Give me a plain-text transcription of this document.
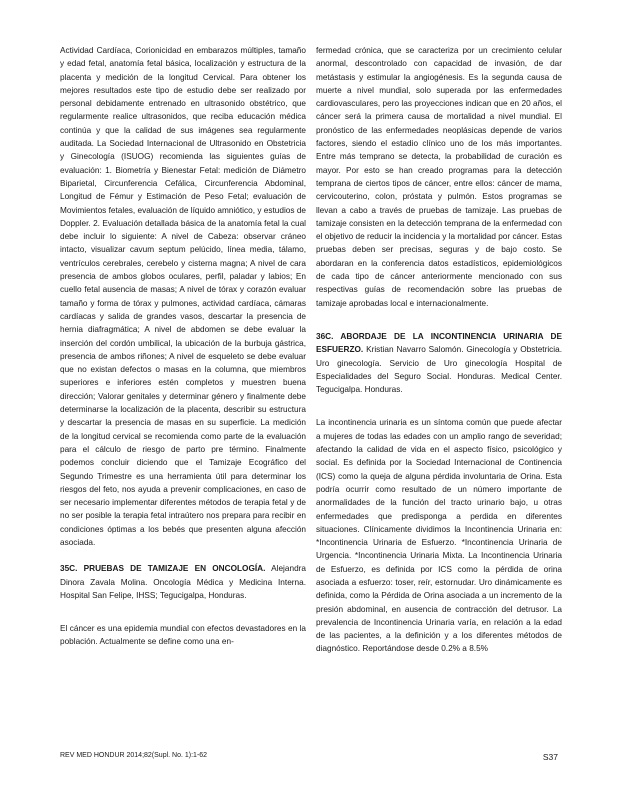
Actividad Cardíaca, Corionicidad en embarazos múltiples, tamaño y edad fetal, anatomía fetal básica, localización y estructura de la placenta y medición de la longitud Cervical. Para obtener los mejores resultados este tipo de estudio debe ser realizado por personal debidamente entrenado en ultrasonido obstétrico, que regularmente realice ultrasonidos, que reciba educación médica continúa y que la calidad de sus imágenes sea regularmente auditada. La Sociedad Internacional de Ultrasonido en Obstetricia y Ginecología (ISUOG) recomienda las siguientes guías de evaluación: 1. Biometría y Bienestar Fetal: medición de Diámetro Biparietal, Circunferencia Cefálica, Circunferencia Abdominal, Longitud de Fémur y Estimación de Peso Fetal; evaluación de Movimientos fetales, evaluación de líquido amniótico, y estudios de Doppler. 2. Evaluación detallada básica de la anatomía fetal la cual debe incluir lo siguiente: A nivel de Cabeza: observar cráneo intacto, visualizar cavum septum pelúcido, línea media, tálamo, ventrículos cerebrales, cerebelo y cisterna magna; A nivel de cara presencia de ambos globos oculares, perfil, paladar y labios; En cuello fetal ausencia de masas; A nivel de tórax y corazón evaluar tamaño y forma de tórax y pulmones, actividad cardíaca, cámaras cardíacas y salida de grandes vasos, descartar la presencia de hernia diafragmática; A nivel de abdomen se debe evaluar la inserción del cordón umbilical, la ubicación de la burbuja gástrica, presencia de ambos riñones; A nivel de esqueleto se debe evaluar que no existan defectos o masas en la columna, que miembros superiores e inferiores estén completos y muestren buena dirección; Valorar genitales y determinar género y finalmente debe determinarse la localización de la placenta, describir su estructura y descartar la presencia de masas en su superficie. La medición de la longitud cervical se recomienda como parte de la evaluación para el cálculo de riesgo de parto pre término. Finalmente podemos concluir diciendo que el Tamizaje Ecográfico del Segundo Trimestre es una herramienta útil para determinar los riesgos del feto, nos ayuda a prevenir complicaciones, en caso de ser necesario implementar diferentes métodos de terapia fetal y de no ser posible la terapia fetal intraútero nos prepara para recibir en condiciones óptimas a los bebés que presenten alguna afección asociada.

35C. PRUEBAS DE TAMIZAJE EN ONCOLOGÍA. Alejandra Dinora Zavala Molina. Oncología Médica y Medicina Interna. Hospital San Felipe, IHSS; Tegucigalpa, Honduras.

El cáncer es una epidemia mundial con efectos devastadores en la población. Actualmente se define como una en-

fermedad crónica, que se caracteriza por un crecimiento celular anormal, descontrolado con capacidad de invasión, de dar metástasis y estimular la angiogénesis. Es la segunda causa de muerte a nivel mundial, solo superada por las enfermedades cardiovasculares, pero las proyecciones indican que en 20 años, el cáncer será la primera causa de mortalidad a nivel mundial. El pronóstico de las enfermedades neoplásicas depende de varios factores, siendo el estadio clínico uno de los más importantes. Entre más temprano se detecta, la probabilidad de curación es mayor. Por esto se han creado programas para la detección temprana de ciertos tipos de cáncer, entre ellos: cáncer de mama, cervicouterino, colon, próstata y pulmón. Estos programas se llevan a cabo a través de pruebas de tamizaje. Las pruebas de tamizaje consisten en la detección temprana de la enfermedad con el objetivo de reducir la incidencia y la mortalidad por cáncer. Estas pruebas deben ser precisas, seguras y de bajo costo. Se abordaran en la conferencia datos estadísticos, epidemiológicos de cada tipo de cáncer anteriormente mencionado con sus respectivas guías de recomendación sobre las pruebas de tamizaje aprobadas local e internacionalmente.

36C. ABORDAJE DE LA INCONTINENCIA URINARIA DE ESFUERZO. Kristian Navarro Salomón. Ginecología y Obstetricia. Uro ginecología. Servicio de Uro ginecología Hospital de Especialidades del Seguro Social. Honduras. Medical Center. Tegucigalpa. Honduras.

La incontinencia urinaria es un síntoma común que puede afectar a mujeres de todas las edades con un amplio rango de severidad; afectando la calidad de vida en el aspecto físico, psicológico y social. Es definida por la Sociedad Internacional de Continencia (ICS) como la queja de alguna pérdida involuntaria de Orina. Esta podría ocurrir como resultado de un número importante de anormalidades de la función del tracto urinario bajo, u otras enfermedades que predisponga a perdida en diferentes situaciones. Clínicamente dividimos la Incontinencia Urinaria en: *Incontinencia Urinaria de Esfuerzo. *Incontinencia Urinaria de Urgencia. *Incontinencia Urinaria Mixta. La Incontinencia Urinaria de Esfuerzo, es definida por ICS como la pérdida de orina asociada a esfuerzo: toser, reír, estornudar. Uro dinámicamente es definida, como la Pérdida de Orina asociada a un incremento de la presión abdominal, en ausencia de contracción del detrusor. La prevalencia de Incontinencia Urinaria varía, en relación a la edad de las pacientes, a la definición y a los diferentes métodos de diagnóstico. Reportándose desde 0.2% a 8.5%

REV MED HONDUR 2014;82(Supl. No. 1):1-62	S37
